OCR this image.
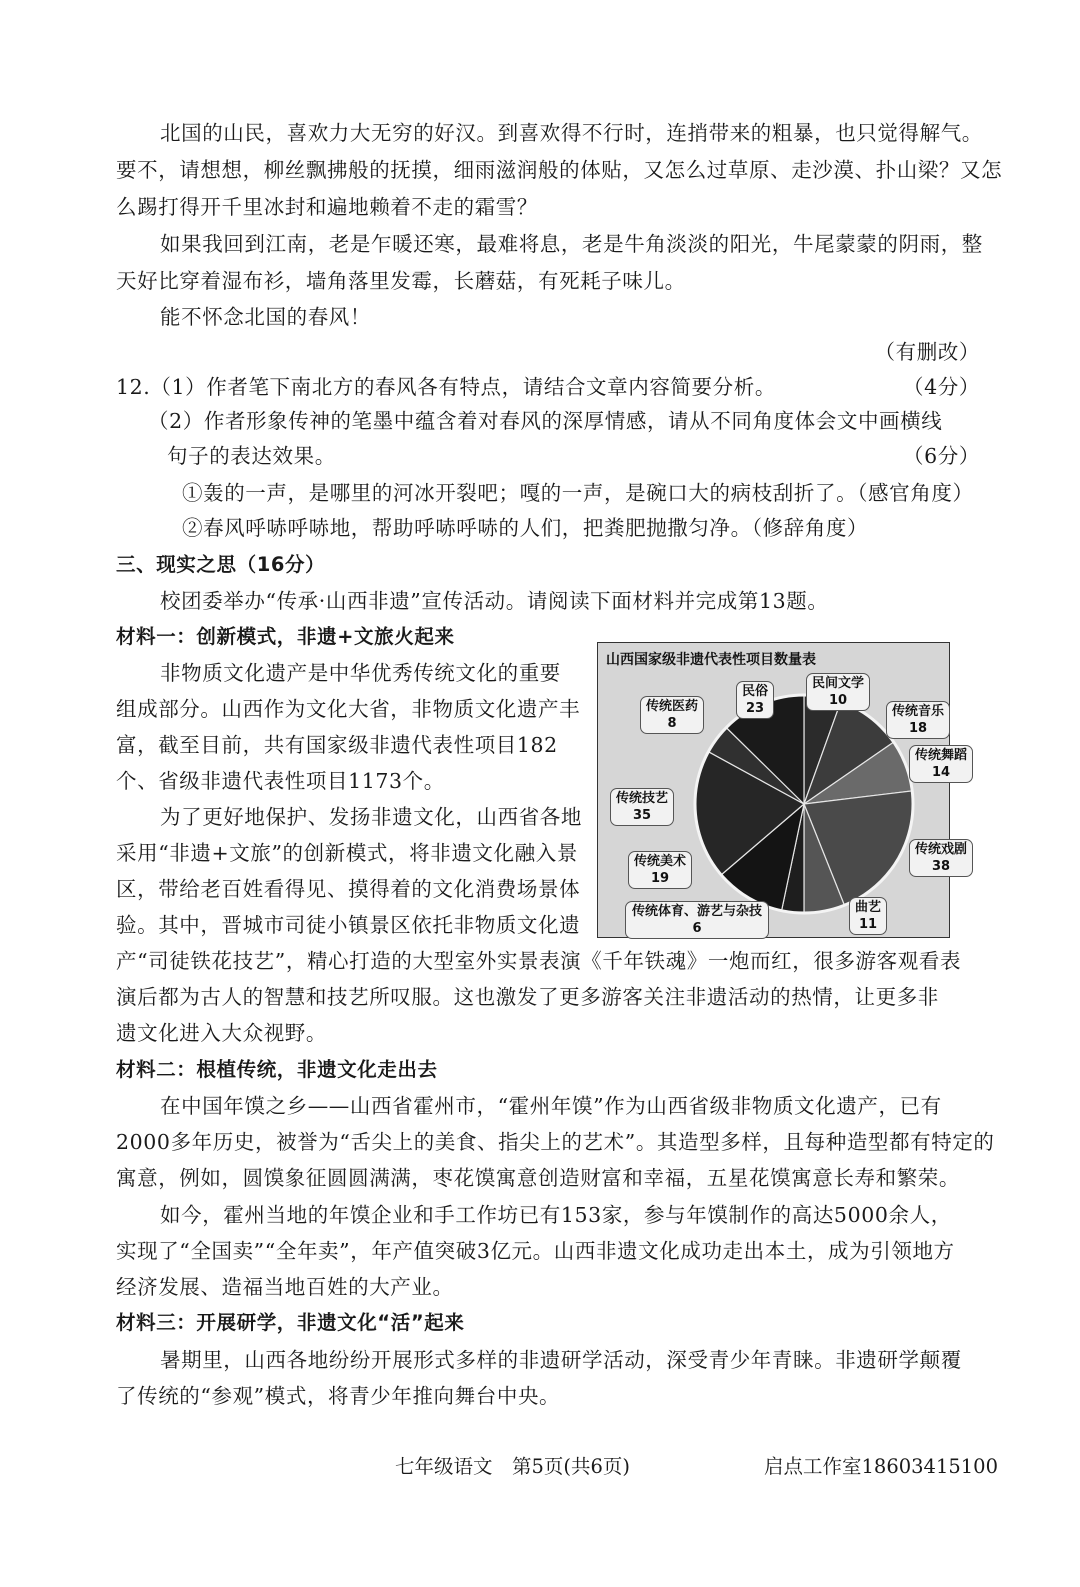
北国的山民，喜欢力大无穷的好汉。到喜欢得不行时，连捎带来的粗暴，也只觉得解气。
要不，请想想，柳丝飘拂般的抚摸，细雨滋润般的体贴，又怎么过草原、走沙漠、扑山梁？又怎
么踢打得开千里冰封和遍地赖着不走的霜雪？
如果我回到江南，老是乍暖还寒，最难将息，老是牛角淡淡的阳光，牛尾蒙蒙的阴雨，整
天好比穿着湿布衫，墙角落里发霉，长蘑菇，有死耗子味儿。
能不怀念北国的春风！
（有删改）
12.（1）作者笔下南北方的春风各有特点，请结合文章内容简要分析。	（4分）
（2）作者形象传神的笔墨中蕴含着对春风的深厚情感，请从不同角度体会文中画横线
句子的表达效果。	（6分）
①轰的一声，是哪里的河冰开裂吧；嘎的一声，是碗口大的病枝刮折了。（感官角度）
②春风呼哧呼哧地，帮助呼哧呼哧的人们，把粪肥抛撒匀净。（修辞角度）
三、现实之思（16分）
校团委举办“传承·山西非遗”宣传活动。请阅读下面材料并完成第13题。
材料一：创新模式，非遗+文旅火起来
非物质文化遗产是中华优秀传统文化的重要
组成部分。山西作为文化大省，非物质文化遗产丰
富，截至目前，共有国家级非遗代表性项目182
个、省级非遗代表性项目1173个。
为了更好地保护、发扬非遗文化，山西省各地
采用“非遗+文旅”的创新模式，将非遗文化融入景
区，带给老百姓看得见、摸得着的文化消费场景体
验。其中，晋城市司徒小镇景区依托非物质文化遗
产“司徒铁花技艺”，精心打造的大型室外实景表演《千年铁魂》一炮而红，很多游客观看表
演后都为古人的智慧和技艺所叹服。这也激发了更多游客关注非遗活动的热情，让更多非
遗文化进入大众视野。
山西国家级非遗代表性项目数量表
民间文学
10
传统音乐
18
传统舞蹈
14
传统戏剧
38
曲艺
11
传统体育、游艺与杂技
6
传统美术
19
传统技艺
35
传统医药
8
民俗
23
材料二：根植传统，非遗文化走出去
在中国年馍之乡——山西省霍州市，“霍州年馍”作为山西省级非物质文化遗产，已有
2000多年历史，被誉为“舌尖上的美食、指尖上的艺术”。其造型多样，且每种造型都有特定的
寓意，例如，圆馍象征圆圆满满，枣花馍寓意创造财富和幸福，五星花馍寓意长寿和繁荣。
如今，霍州当地的年馍企业和手工作坊已有153家，参与年馍制作的高达5000余人，
实现了“全国卖”“全年卖”，年产值突破3亿元。山西非遗文化成功走出本土，成为引领地方
经济发展、造福当地百姓的大产业。
材料三：开展研学，非遗文化“活”起来
暑期里，山西各地纷纷开展形式多样的非遗研学活动，深受青少年青睐。非遗研学颠覆
了传统的“参观”模式，将青少年推向舞台中央。
七年级语文　第5页(共6页)	启点工作室18603415100
